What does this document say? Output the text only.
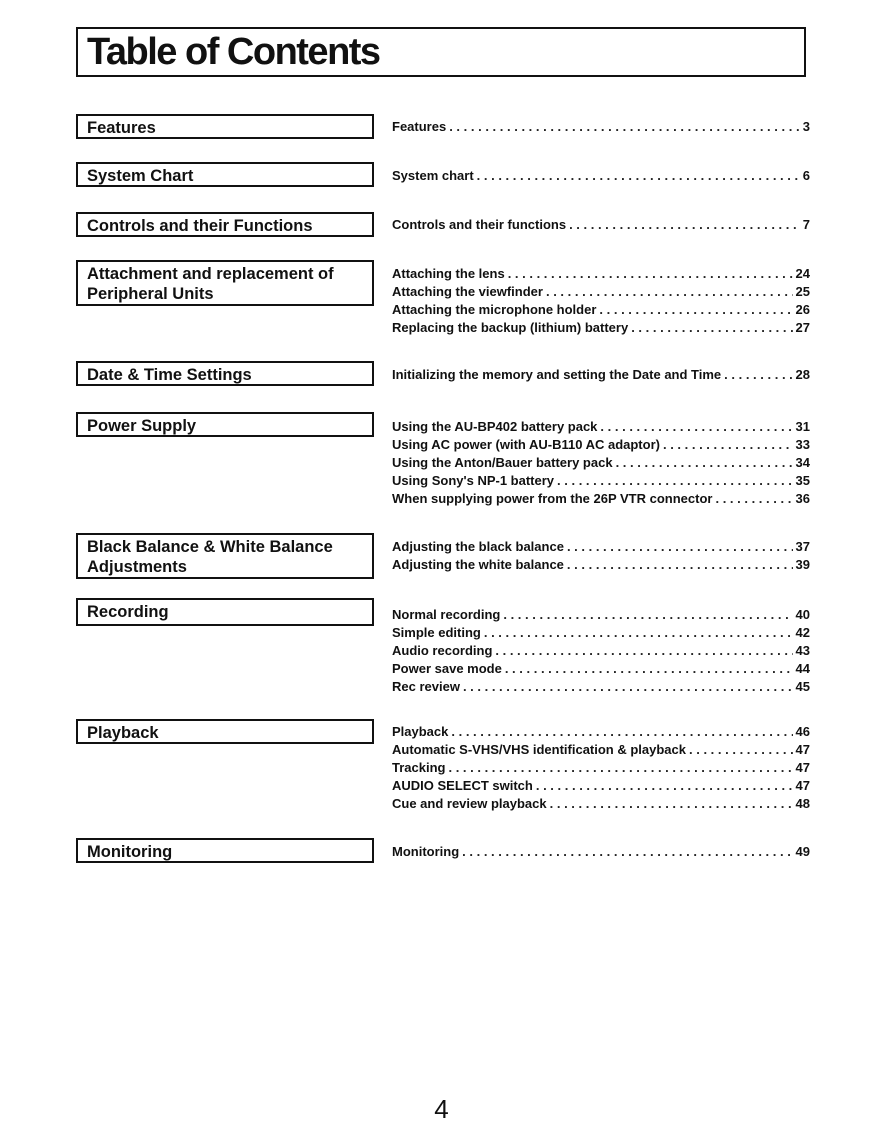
Table of Contents
Features	Features . . .	3
System Chart	System chart . . .	6
Controls and their Functions	Controls and their functions . . .	7
Attachment and replacement of Peripheral Units
Attaching the lens . . .	24
Attaching the viewfinder . . .	25
Attaching the microphone holder . . .	26
Replacing the backup (lithium) battery . . .	27
Date & Time Settings	Initializing the memory and setting the Date and Time . . .	28
Power Supply	Using the AU-BP402 battery pack . . .	31
Using AC power (with AU-B110 AC adaptor) . . .	33
Using the Anton/Bauer battery pack . . .	34
Using Sony's NP-1 battery . . .	35
When supplying power from the 26P VTR connector . . .	36
Black Balance & White Balance Adjustments
Adjusting the black balance . . .	37
Adjusting the white balance . . .	39
Recording	Normal recording . . .	40
Simple editing . . .	42
Audio recording . . .	43
Power save mode . . .	44
Rec review . . .	45
Playback	Playback . . .	46
Automatic S-VHS/VHS identification & playback . . .	47
Tracking . . .	47
AUDIO SELECT switch . . .	47
Cue and review playback . . .	48
Monitoring	Monitoring . . .	49
4
